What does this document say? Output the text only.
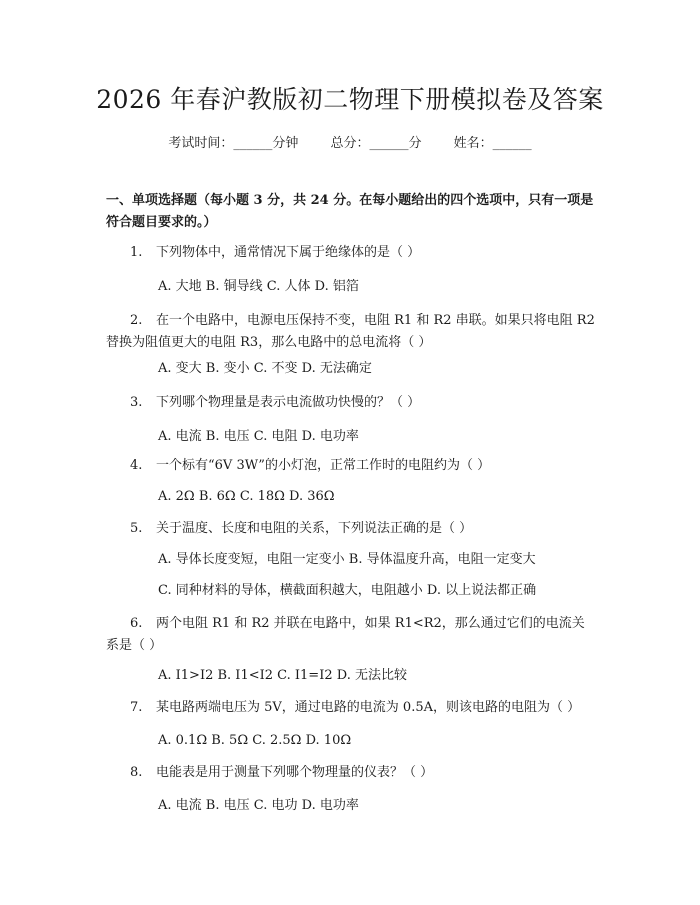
2026 年春沪教版初二物理下册模拟卷及答案
考试时间：______分钟 总分：______分 姓名：______
一、单项选择题（每小题 3 分，共 24 分。在每小题给出的四个选项中，只有一项是符合题目要求的。）
1. 下列物体中，通常情况下属于绝缘体的是（ ）
A. 大地 B. 铜导线 C. 人体 D. 铝箔
2. 在一个电路中，电源电压保持不变，电阻 R1 和 R2 串联。如果只将电阻 R2 替换为阻值更大的电阻 R3，那么电路中的总电流将（ ）
A. 变大 B. 变小 C. 不变 D. 无法确定
3. 下列哪个物理量是表示电流做功快慢的？（ ）
A. 电流 B. 电压 C. 电阻 D. 电功率
4. 一个标有“6V 3W”的小灯泡，正常工作时的电阻约为（ ）
A. 2Ω B. 6Ω C. 18Ω D. 36Ω
5. 关于温度、长度和电阻的关系，下列说法正确的是（ ）
A. 导体长度变短，电阻一定变小 B. 导体温度升高，电阻一定变大
C. 同种材料的导体，横截面积越大，电阻越小 D. 以上说法都正确
6. 两个电阻 R1 和 R2 并联在电路中，如果 R1<R2，那么通过它们的电流关系是（ ）
A. I1>I2 B. I1<I2 C. I1=I2 D. 无法比较
7. 某电路两端电压为 5V，通过电路的电流为 0.5A，则该电路的电阻为（ ）
A. 0.1Ω B. 5Ω C. 2.5Ω D. 10Ω
8. 电能表是用于测量下列哪个物理量的仪表？（ ）
A. 电流 B. 电压 C. 电功 D. 电功率
